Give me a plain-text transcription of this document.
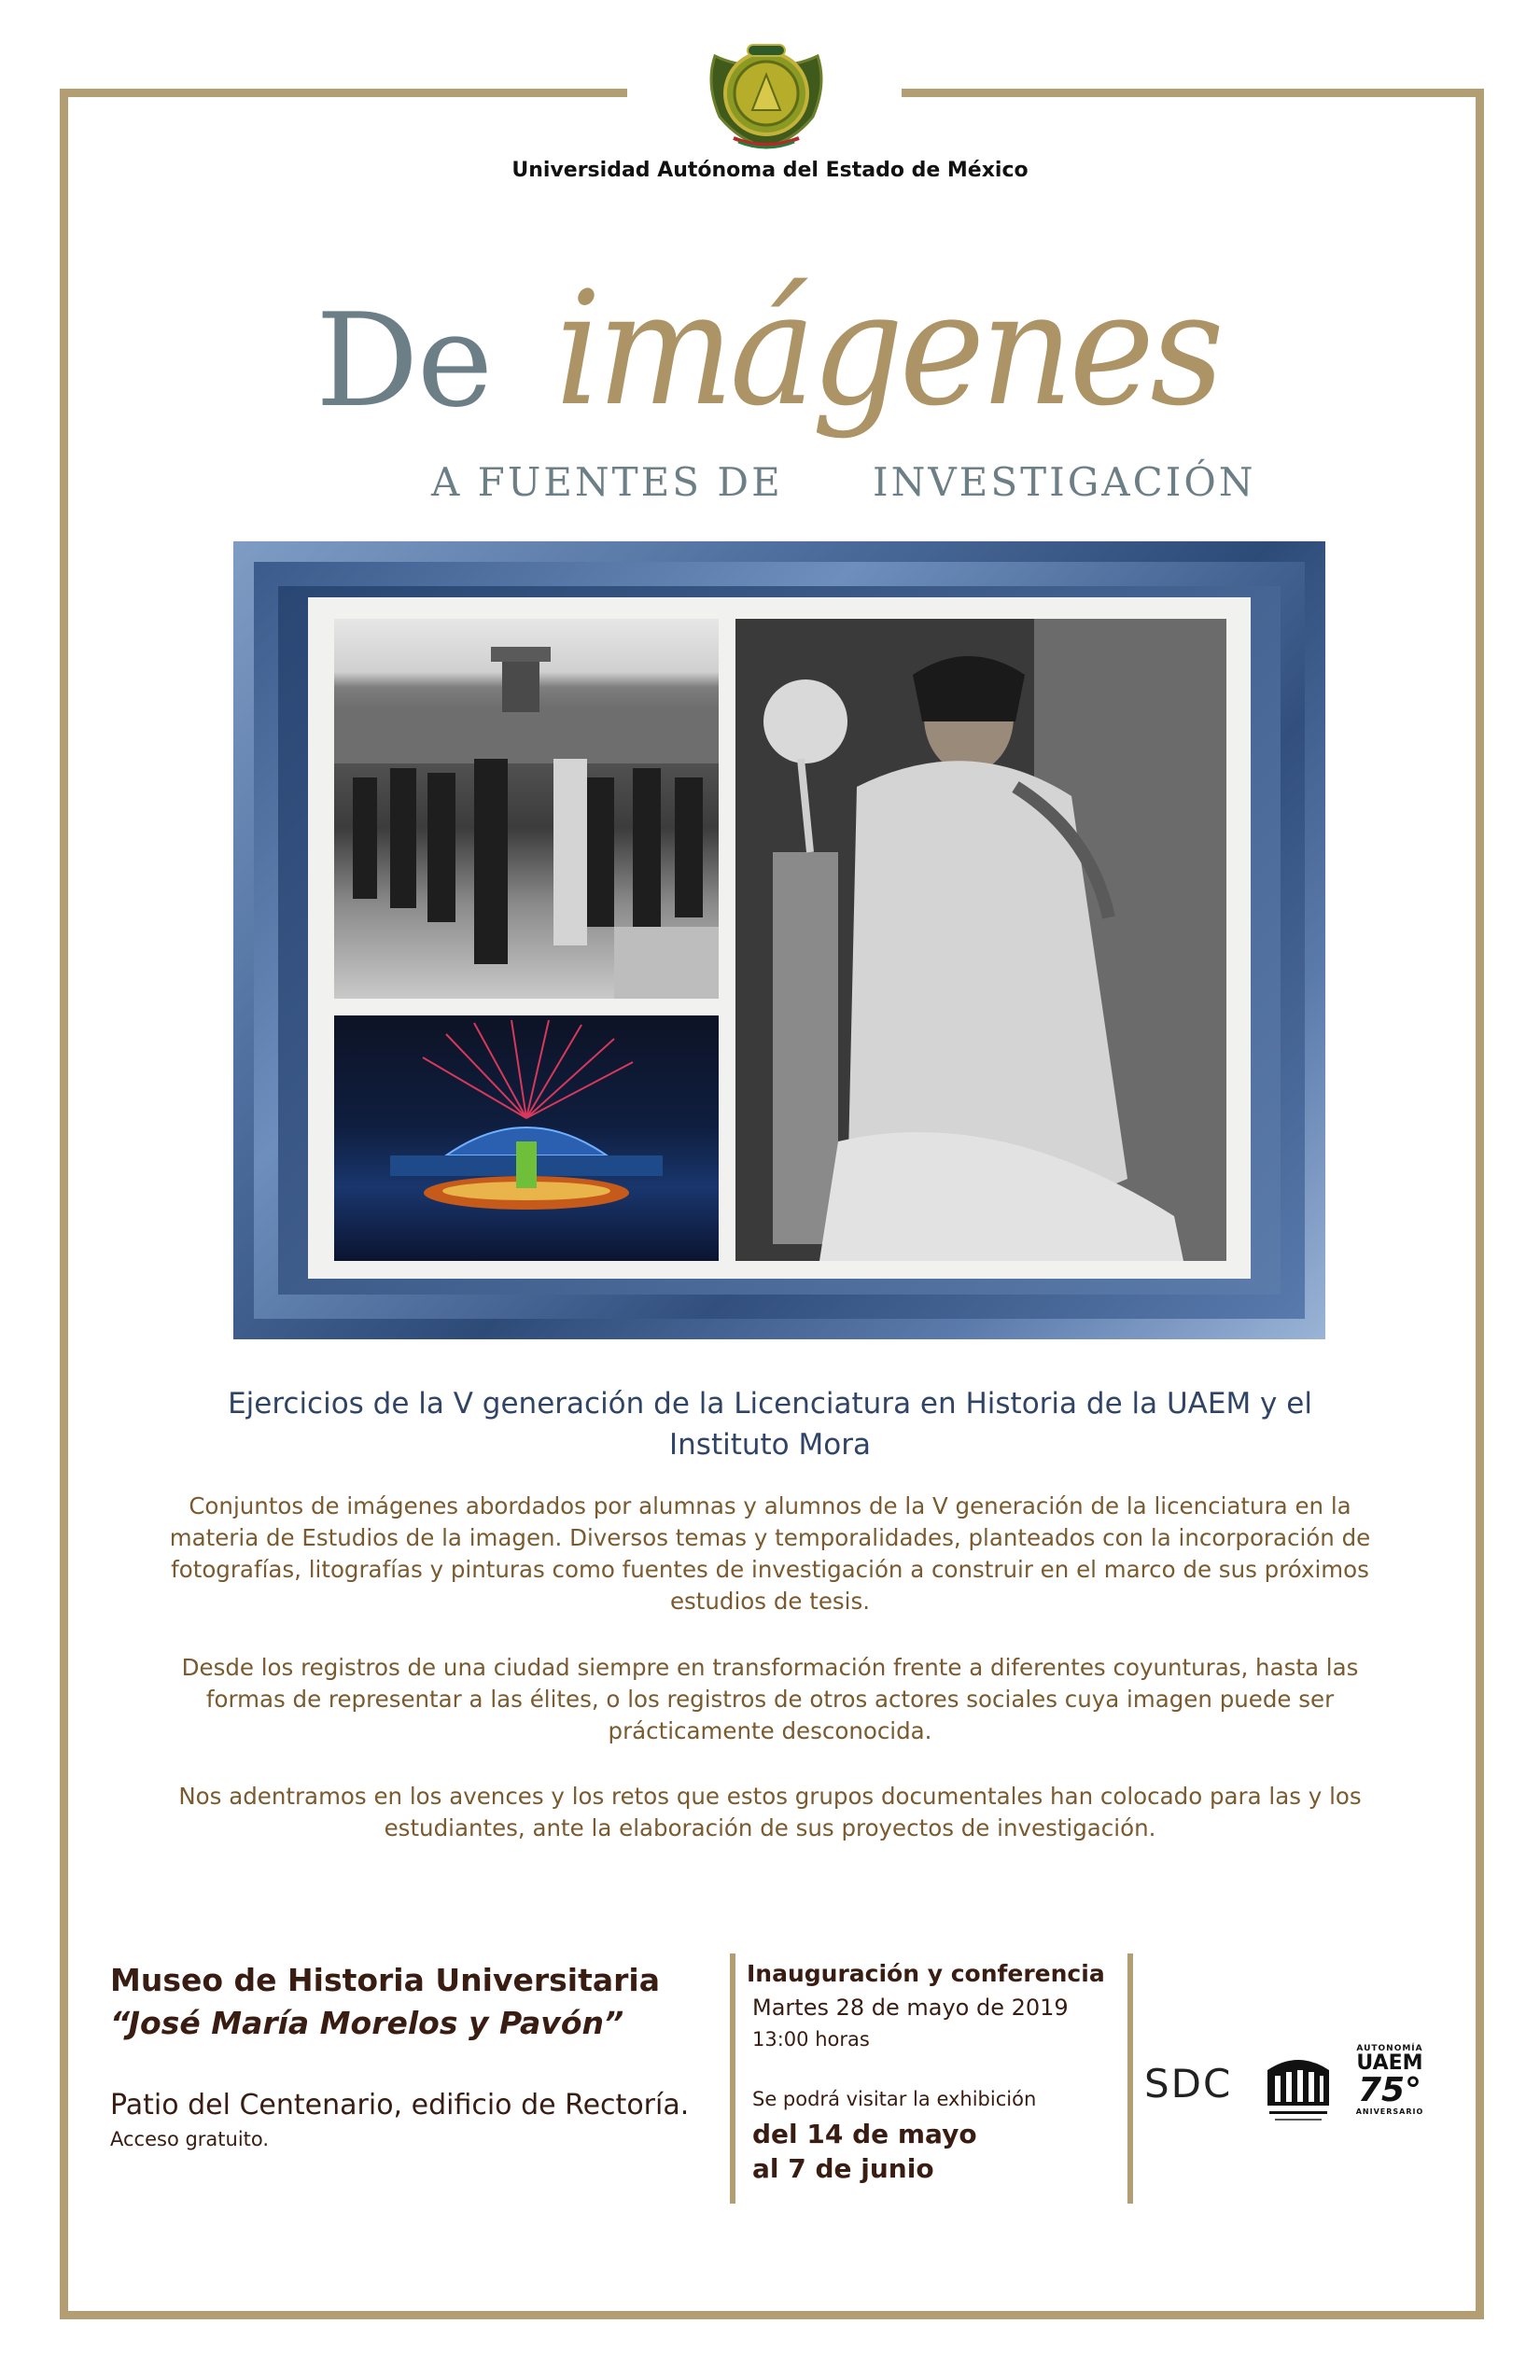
Universidad Autónoma del Estado de México
De imágenes
A FUENTES DE INVESTIGACIÓN
Ejercicios de la V generación de la Licenciatura en Historia de la UAEM y el Instituto Mora

Conjuntos de imágenes abordados por alumnas y alumnos de la V generación de la licenciatura en la materia de Estudios de la imagen. Diversos temas y temporalidades, planteados con la incorporación de fotografías, litografías y pinturas como fuentes de investigación a construir en el marco de sus próximos estudios de tesis.

Desde los registros de una ciudad siempre en transformación frente a diferentes coyunturas, hasta las formas de representar a las élites, o los registros de otros actores sociales cuya imagen puede ser prácticamente desconocida.

Nos adentramos en los avences y los retos que estos grupos documentales han colocado para las y los estudiantes, ante la elaboración de sus proyectos de investigación.

Museo de Historia Universitaria
“José María Morelos y Pavón”
Patio del Centenario, edificio de Rectoría.
Acceso gratuito.
Inauguración y conferencia
Martes 28 de mayo de 2019
13:00 horas
Se podrá visitar la exhibición
del 14 de mayo
al 7 de junio
SDC
AUTONOMÍA
UAEM
75°
ANIVERSARIO
